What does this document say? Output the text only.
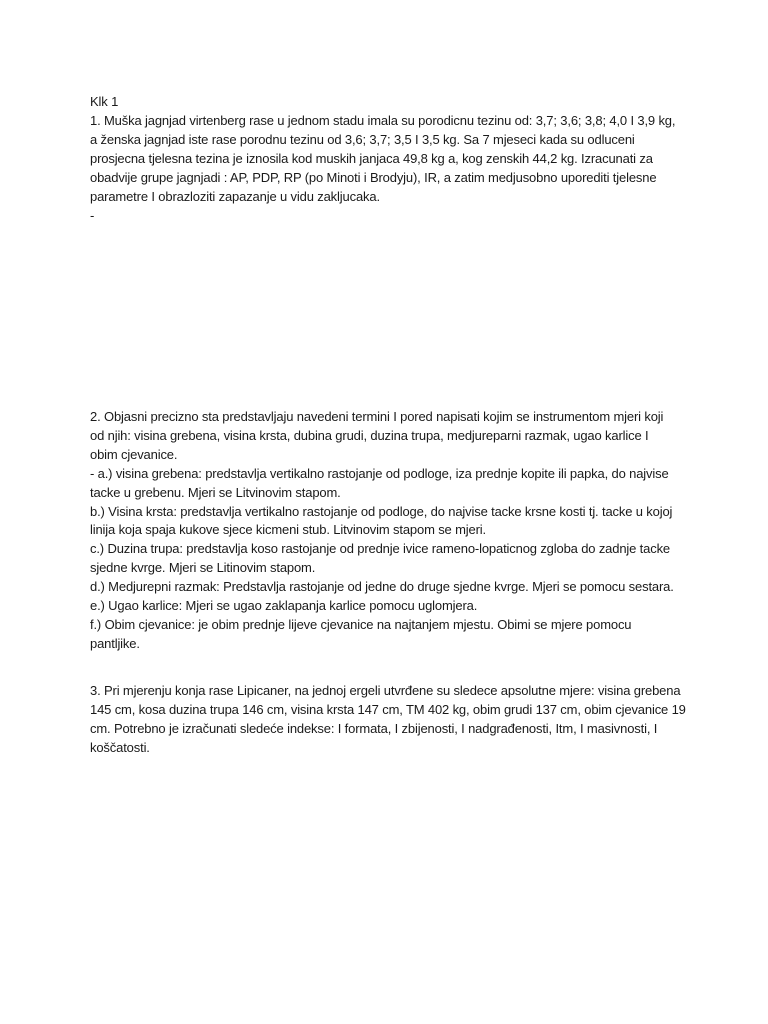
Klk 1
1. Muška jagnjad virtenberg rase u jednom stadu imala su porodicnu tezinu od: 3,7; 3,6; 3,8; 4,0 I 3,9 kg,
a ženska jagnjad iste rase porodnu tezinu od 3,6; 3,7; 3,5 I 3,5 kg. Sa 7 mjeseci kada su odluceni
prosjecna tjelesna tezina je iznosila kod muskih janjaca 49,8 kg a, kog zenskih 44,2 kg. Izracunati za
obadvije grupe jagnjadi : AP, PDP, RP (po Minoti i Brodyju), IR, a zatim medjusobno uporediti tjelesne
parametre I obrazloziti zapazanje u vidu zakljucaka.
-
2. Objasni precizno sta predstavljaju navedeni termini I pored napisati kojim se instrumentom mjeri koji
od njih: visina grebena, visina krsta, dubina grudi, duzina trupa, medjureparni razmak, ugao karlice I
obim cjevanice.
- a.) visina grebena: predstavlja vertikalno rastojanje od podloge, iza prednje kopite ili papka, do najvise
tacke u grebenu. Mjeri se Litvinovim stapom.
b.) Visina krsta: predstavlja vertikalno rastojanje od podloge, do najvise tacke krsne kosti tj. tacke u kojoj
linija koja spaja kukove sjece kicmeni stub. Litvinovim stapom se mjeri.
c.) Duzina trupa: predstavlja koso rastojanje od prednje ivice rameno-lopaticnog zgloba do zadnje tacke
sjedne kvrge. Mjeri se Litinovim stapom.
d.) Medjurepni razmak: Predstavlja rastojanje od jedne do druge sjedne kvrge. Mjeri se pomocu sestara.
e.) Ugao karlice: Mjeri se ugao zaklapanja karlice pomocu uglomjera.
f.) Obim cjevanice: je obim prednje lijeve cjevanice na najtanjem mjestu. Obimi se mjere pomocu
pantljike.
3. Pri mjerenju konja rase Lipicaner, na jednoj ergeli utvrđene su sledece apsolutne mjere: visina grebena
145 cm, kosa duzina trupa 146 cm, visina krsta 147 cm, TM 402 kg, obim grudi 137 cm, obim cjevanice 19
cm. Potrebno je izračunati sledeće indekse: I formata, I zbijenosti, I nadgrađenosti, Itm, I masivnosti, I
koščatosti.
